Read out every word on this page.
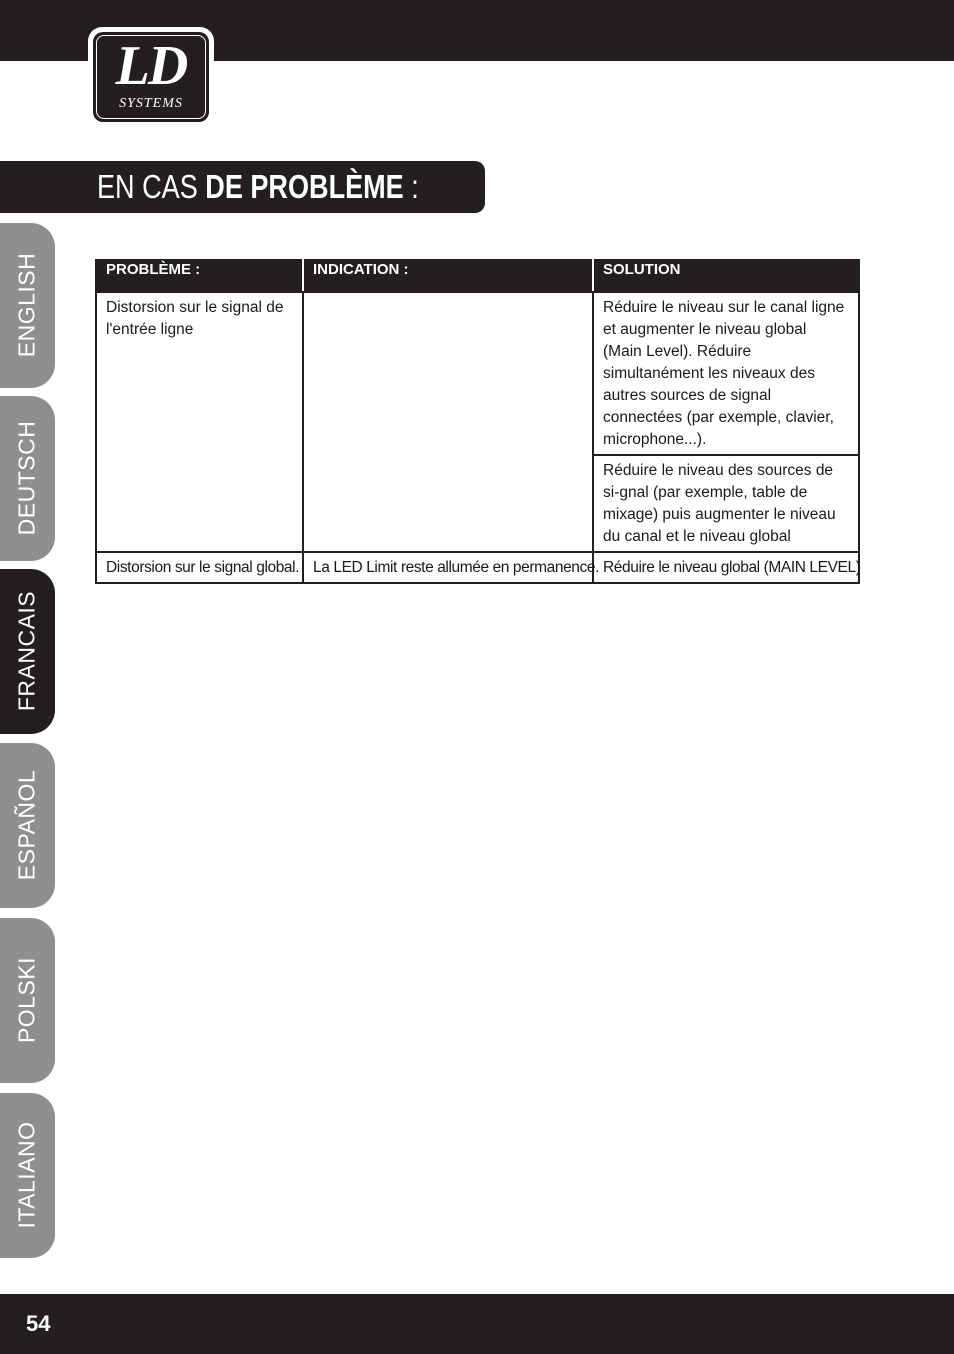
LD
SYSTEMS
EN CAS DE PROBLÈME :
ENGLISH
DEUTSCH
FRANCAIS
ESPAÑOL
POLSKI
ITALIANO
PROBLÈME :	INDICATION :	SOLUTION
Distorsion sur le signal de l'entrée ligne		Réduire le niveau sur le canal ligne et augmenter le niveau global (Main Level). Réduire simultanément les niveaux des autres sources de signal connectées (par exemple, clavier, microphone...).
		Réduire le niveau des sources de si-gnal (par exemple, table de mixage) puis augmenter le niveau du canal et le niveau global
Distorsion sur le signal global.	La LED Limit reste allumée en permanence.	Réduire le niveau global (MAIN LEVEL)
54
